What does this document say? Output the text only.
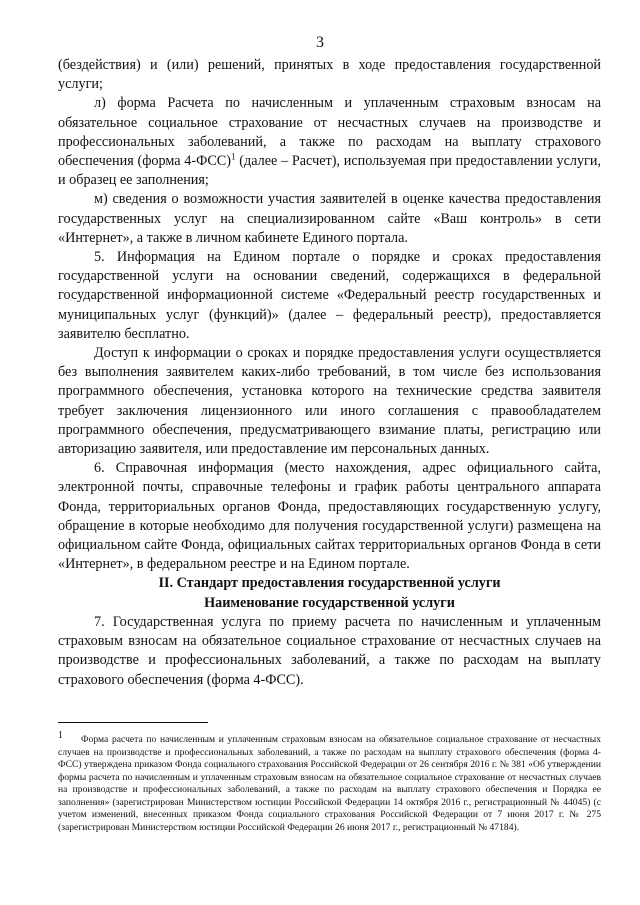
3

(бездействия) и (или) решений, принятых в ходе предоставления государственной услуги;

л) форма Расчета по начисленным и уплаченным страховым взносам на обязательное социальное страхование от несчастных случаев на производстве и профессиональных заболеваний, а также по расходам на выплату страхового обеспечения (форма 4-ФСС)$^1$ (далее – Расчет), используемая при предоставлении услуги, и образец ее заполнения;

м) сведения о возможности участия заявителей в оценке качества предоставления государственных услуг на специализированном сайте «Ваш контроль» в сети «Интернет», а также в личном кабинете Единого портала.

5. Информация на Едином портале о порядке и сроках предоставления государственной услуги на основании сведений, содержащихся в федеральной государственной информационной системе «Федеральный реестр государственных и муниципальных услуг (функций)» (далее – федеральный реестр), предоставляется заявителю бесплатно.

Доступ к информации о сроках и порядке предоставления услуги осуществляется без выполнения заявителем каких-либо требований, в том числе без использования программного обеспечения, установка которого на технические средства заявителя требует заключения лицензионного или иного соглашения с правообладателем программного обеспечения, предусматривающего взимание платы, регистрацию или авторизацию заявителя, или предоставление им персональных данных.

6. Справочная информация (место нахождения, адрес официального сайта, электронной почты, справочные телефоны и график работы центрального аппарата Фонда, территориальных органов Фонда, предоставляющих государственную услугу, обращение в которые необходимо для получения государственной услуги) размещена на официальном сайте Фонда, официальных сайтах территориальных органов Фонда в сети «Интернет», в федеральном реестре и на Едином портале.

II. Стандарт предоставления государственной услуги

Наименование государственной услуги

7. Государственная услуга по приему расчета по начисленным и уплаченным страховым взносам на обязательное социальное страхование от несчастных случаев на производстве и профессиональных заболеваний, а также по расходам на выплату страхового обеспечения (форма 4-ФСС).

1 Форма расчета по начисленным и уплаченным страховым взносам на обязательное социальное страхование от несчастных случаев на производстве и профессиональных заболеваний, а также по расходам на выплату страхового обеспечения (форма 4-ФСС) утверждена приказом Фонда социального страхования Российской Федерации от 26 сентября 2016 г. № 381 «Об утверждении формы расчета по начисленным и уплаченным страховым взносам на обязательное социальное страхование от несчастных случаев на производстве и профессиональных заболеваний, а также по расходам на выплату страхового обеспечения и Порядка ее заполнения» (зарегистрирован Министерством юстиции Российской Федерации 14 октября 2016 г., регистрационный № 44045) (с учетом изменений, внесенных приказом Фонда социального страхования Российской Федерации от 7 июня 2017 г. № 275 (зарегистрирован Министерством юстиции Российской Федерации 26 июня 2017 г., регистрационный № 47184).
